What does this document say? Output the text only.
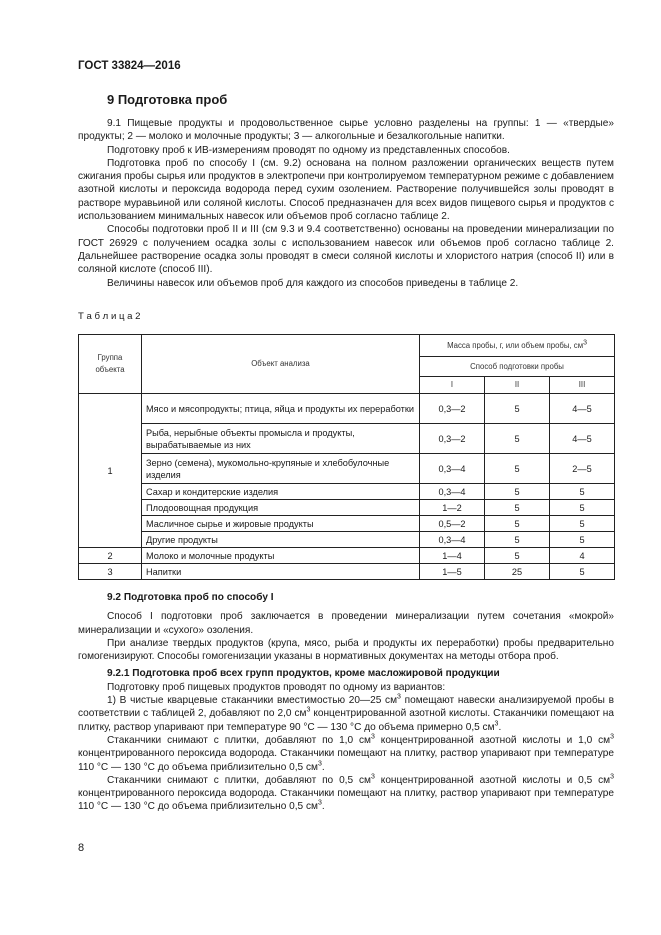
ГОСТ 33824—2016
9 Подготовка проб

9.1 Пищевые продукты и продовольственное сырье условно разделены на группы: 1 — «твердые» продукты; 2 — молоко и молочные продукты; 3 — алкогольные и безалкогольные напитки.

Подготовку проб к ИВ-измерениям проводят по одному из представленных способов.

Подготовка проб по способу I (см. 9.2) основана на полном разложении органических веществ путем сжигания пробы сырья или продуктов в электропечи при контролируемом температурном режиме с добавлением азотной кислоты и пероксида водорода перед сухим озолением. Растворение получившейся золы проводят в растворе муравьиной или соляной кислоты. Способ предназначен для всех видов пищевого сырья и продуктов с использованием минимальных навесок или объемов проб согласно таблице 2.

Способы подготовки проб II и III (см 9.3 и 9.4 соответственно) основаны на проведении минерализации по ГОСТ 26929 с получением осадка золы с использованием навесок или объемов проб согласно таблице 2. Дальнейшее растворение осадка золы проводят в смеси соляной кислоты и хлористого натрия (способ II) или в соляной кислоте (способ III).

Величины навесок или объемов проб для каждого из способов приведены в таблице 2.

Т а б л и ц а 2
Группа объекта	Объект анализа	Масса пробы, г, или объем пробы, $см^3$
		Способ подготовки пробы		
		I	II	III
1	Мясо и мясопродукты; птица, яйца и продукты их переработки	0,3—2	5	4—5
	Рыба, нерыбные объекты промысла и продукты, вырабатываемые из них	0,3—2	5	4—5
	Зерно (семена), мукомольно-крупяные и хлебобулочные изделия	0,3—4	5	2—5
	Сахар и кондитерские изделия	0,3—4	5	5
	Плодоовощная продукция	1—2	5	5
	Масличное сырье и жировые продукты	0,5—2	5	5
	Другие продукты	0,3—4	5	5
2	Молоко и молочные продукты	1—4	5	4
3	Напитки	1—5	25	5

9.2 Подготовка проб по способу I

Способ I подготовки проб заключается в проведении минерализации путем сочетания «мокрой» минерализации и «сухого» озоления.

При анализе твердых продуктов (крупа, мясо, рыба и продукты их переработки) пробы предварительно гомогенизируют. Способы гомогенизации указаны в нормативных документах на методы отбора проб.

9.2.1 Подготовка проб всех групп продуктов, кроме масложировой продукции

Подготовку проб пищевых продуктов проводят по одному из вариантов:

1) В чистые кварцевые стаканчики вместимостью 20—25 $см^3$ помещают навески анализируемой пробы в соответствии с таблицей 2, добавляют по 2,0 $см^3$ концентрированной азотной кислоты. Стаканчики помещают на плитку, раствор упаривают при температуре 90 °С — 130 °С до объема примерно 0,5 $см^3$.

Стаканчики снимают с плитки, добавляют по 1,0 $см^3$ концентрированной азотной кислоты и 1,0 $см^3$ концентрированного пероксида водорода. Стаканчики помещают на плитку, раствор упаривают при температуре 110 °С — 130 °С до объема приблизительно 0,5 $см^3$.

Стаканчики снимают с плитки, добавляют по 0,5 $см^3$ концентрированной азотной кислоты и 0,5 $см^3$ концентрированного пероксида водорода. Стаканчики помещают на плитку, раствор упаривают при температуре 110 °С — 130 °С до объема приблизительно 0,5 $см^3$.

8
